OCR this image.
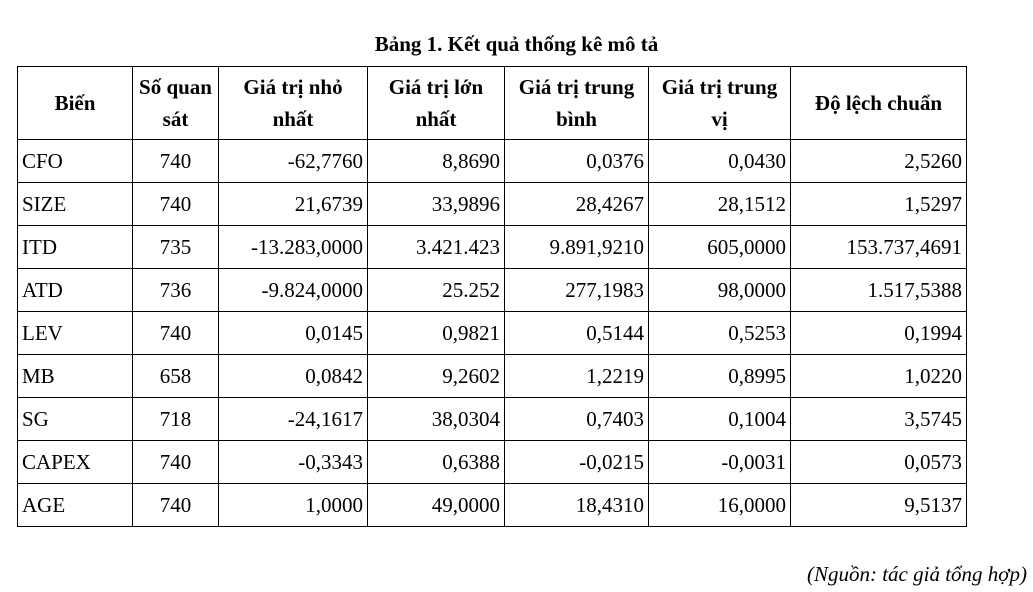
Bảng 1. Kết quả thống kê mô tả
Biến	Số quan sát	Giá trị nhỏ nhất	Giá trị lớn nhất	Giá trị trung bình	Giá trị trung vị	Độ lệch chuẩn
CFO	740	-62,7760	8,8690	0,0376	0,0430	2,5260
SIZE	740	21,6739	33,9896	28,4267	28,1512	1,5297
ITD	735	-13.283,0000	3.421.423	9.891,9210	605,0000	153.737,4691
ATD	736	-9.824,0000	25.252	277,1983	98,0000	1.517,5388
LEV	740	0,0145	0,9821	0,5144	0,5253	0,1994
MB	658	0,0842	9,2602	1,2219	0,8995	1,0220
SG	718	-24,1617	38,0304	0,7403	0,1004	3,5745
CAPEX	740	-0,3343	0,6388	-0,0215	-0,0031	0,0573
AGE	740	1,0000	49,0000	18,4310	16,0000	9,5137
(Nguồn: tác giả tổng hợp)
